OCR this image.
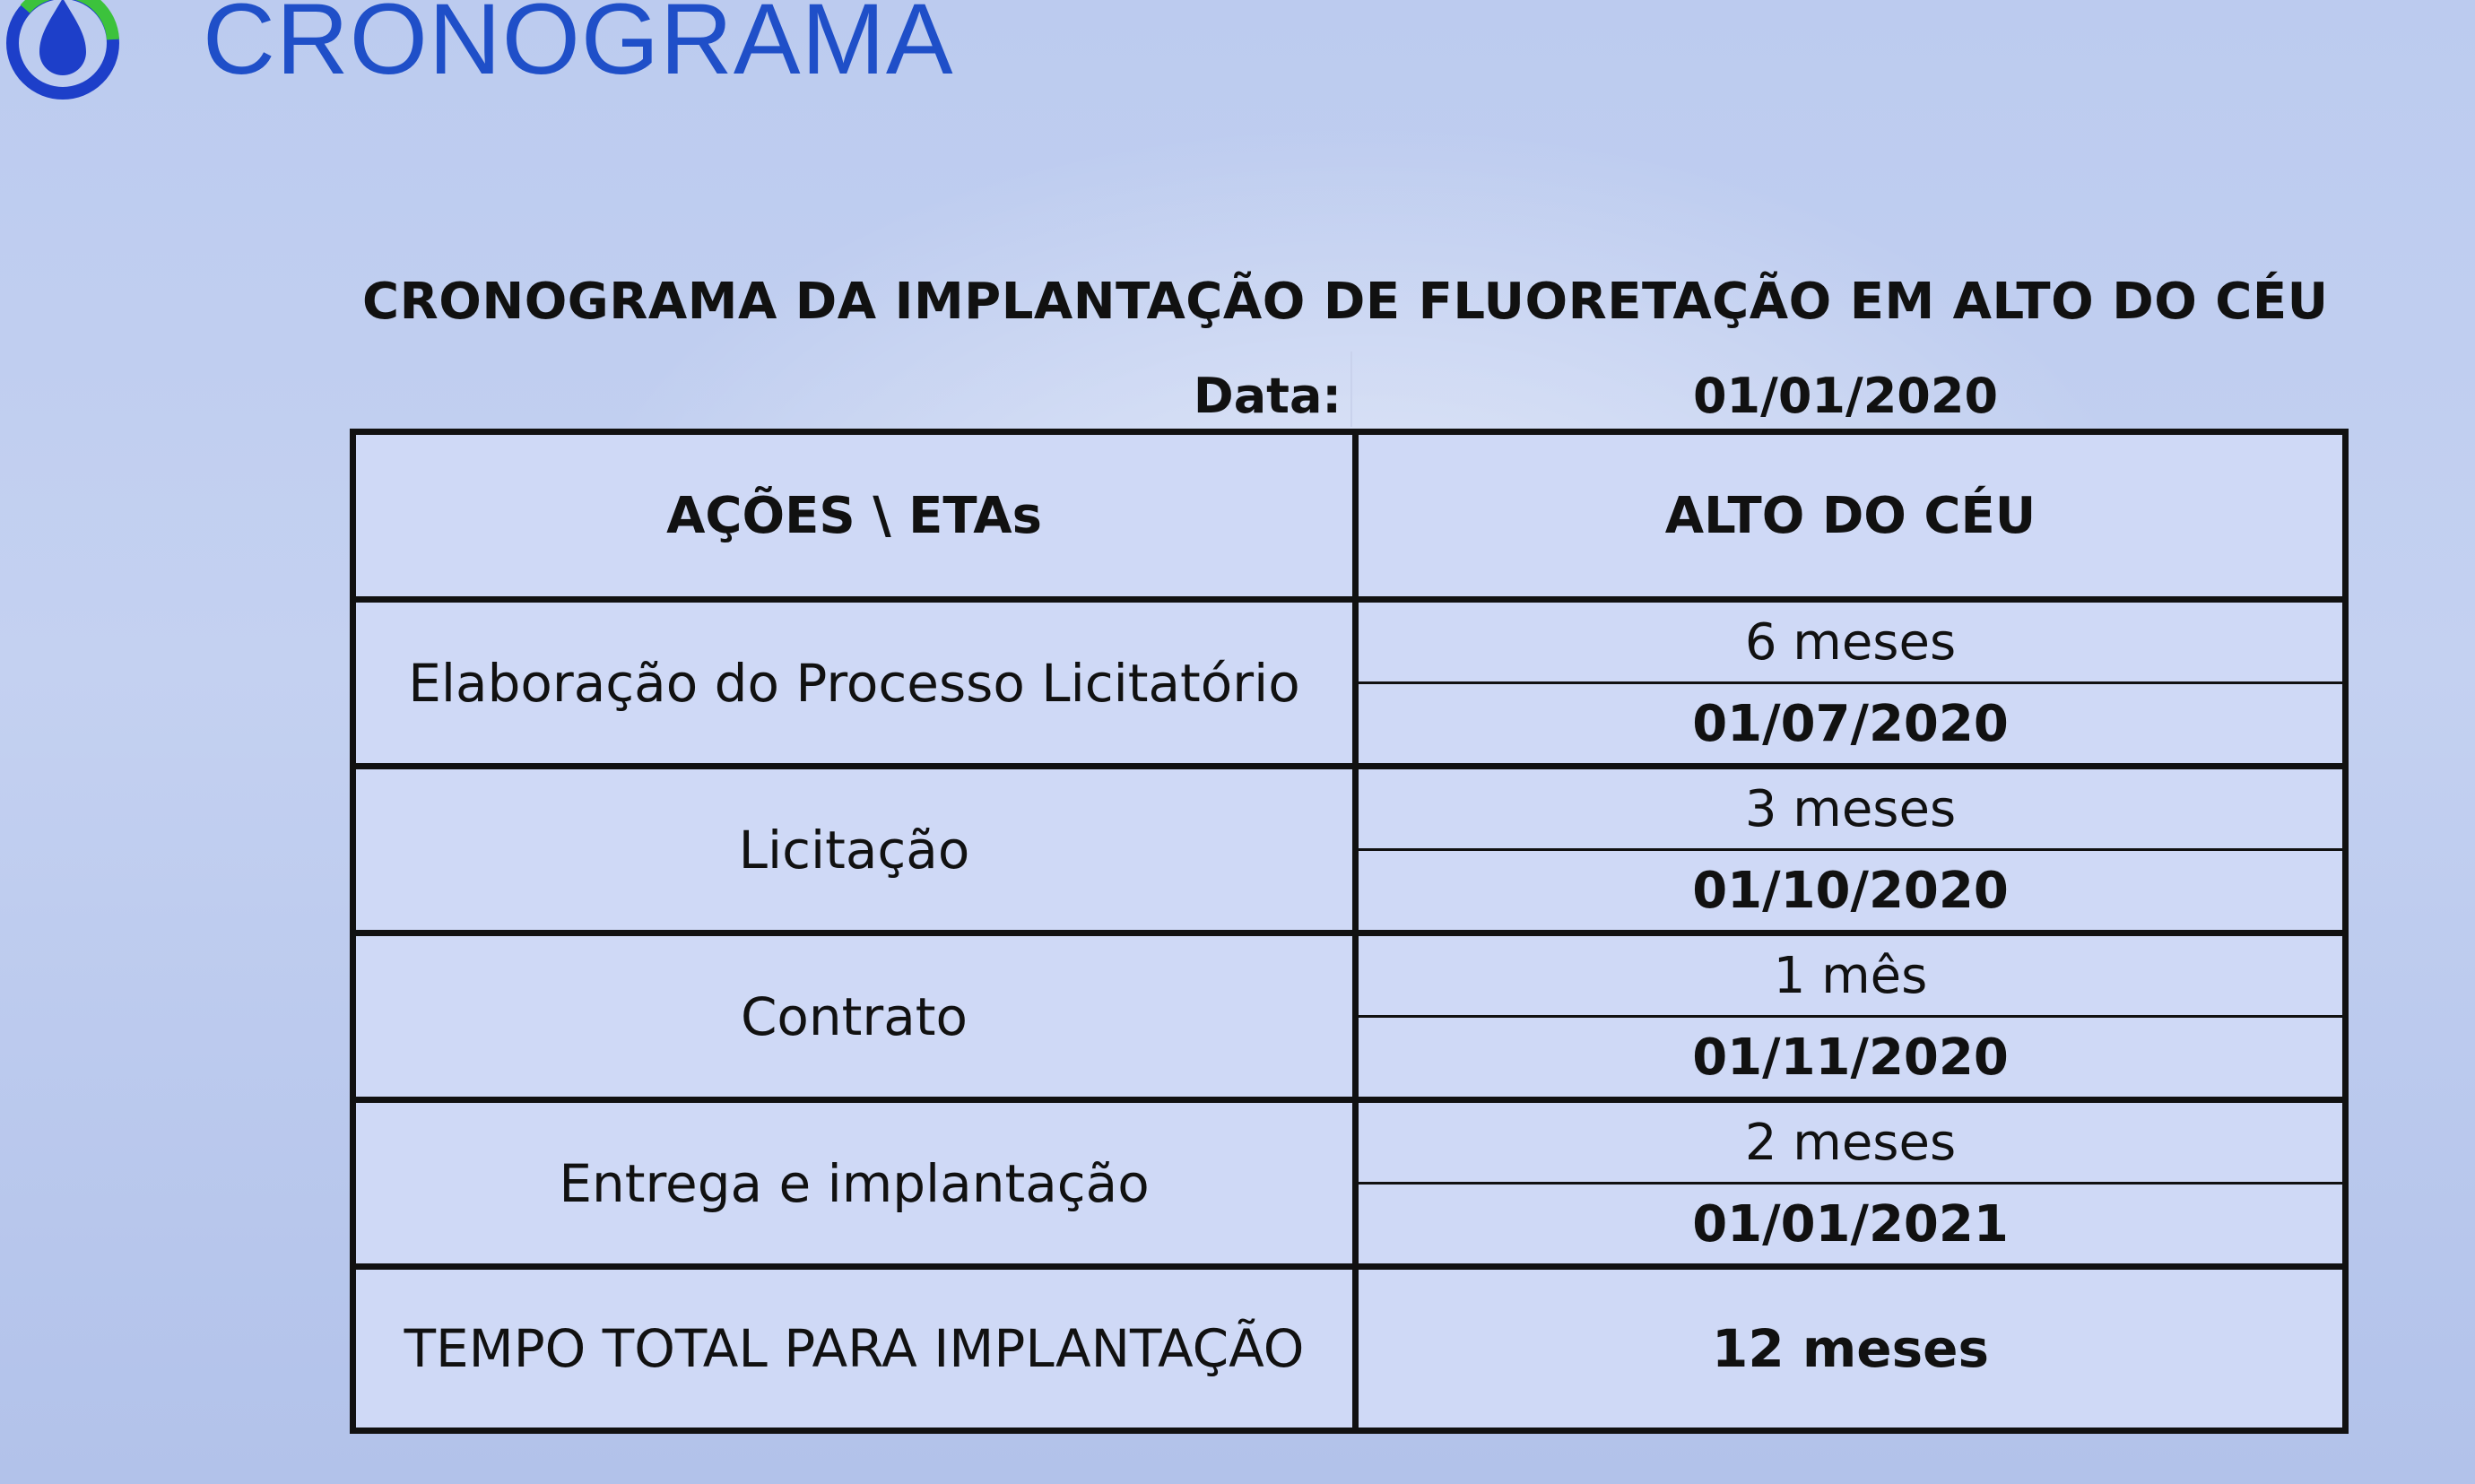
CRONOGRAMA
CRONOGRAMA DA IMPLANTAÇÃO DE FLUORETAÇÃO EM ALTO DO CÉU
Data:	01/01/2020
AÇÕES \ ETAs	ALTO DO CÉU
Elaboração do Processo Licitatório	6 meses
	01/07/2020
Licitação	3 meses
	01/10/2020
Contrato	1 mês
	01/11/2020
Entrega e implantação	2 meses
	01/01/2021
TEMPO TOTAL PARA IMPLANTAÇÃO	12 meses
